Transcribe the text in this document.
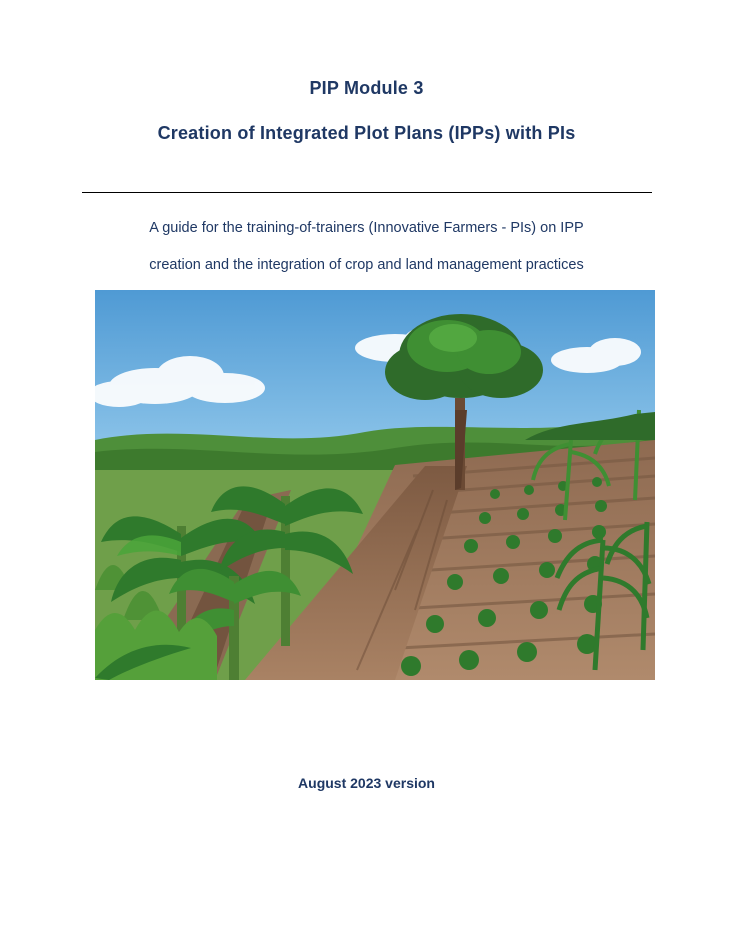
PIP Module 3
Creation of Integrated Plot Plans (IPPs) with PIs
A guide for the training-of-trainers (Innovative Farmers - PIs) on IPP
creation and the integration of crop and land management practices
August 2023 version
